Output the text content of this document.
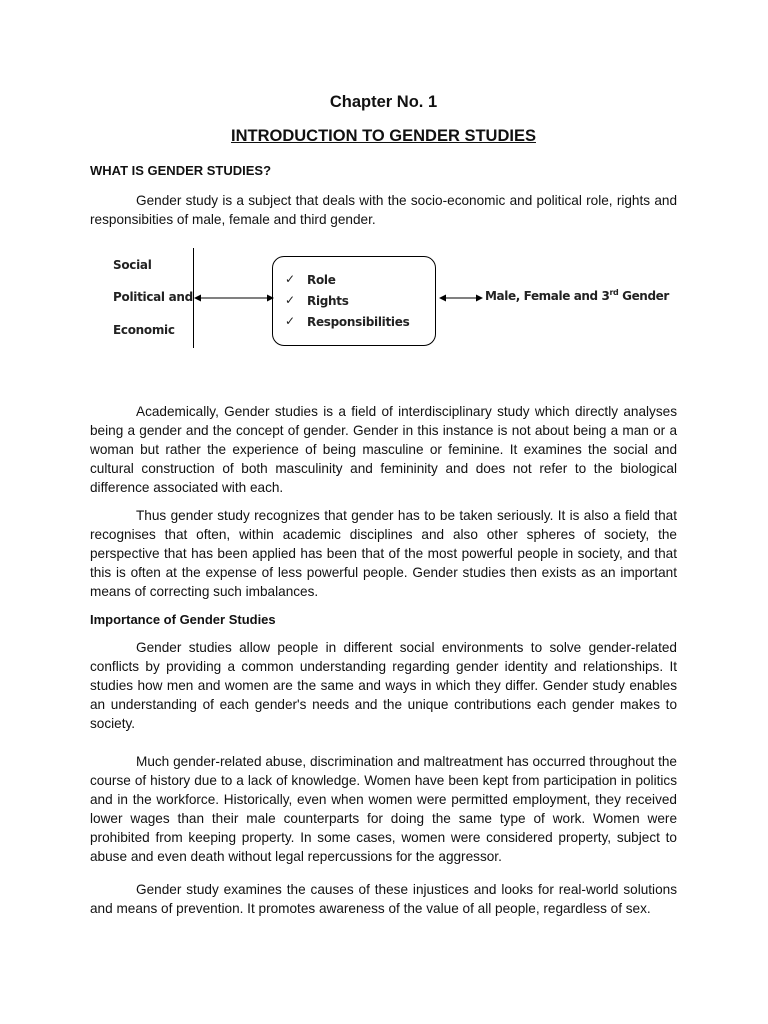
Chapter No. 1
INTRODUCTION TO GENDER STUDIES
WHAT IS GENDER STUDIES?

Gender study is a subject that deals with the socio-economic and political role, rights and responsibities of male, female and third gender.

Social
Political and
Economic
✓ Role
✓ Rights
✓ Responsibilities
Male, Female and 3rd Gender

Academically, Gender studies is a field of interdisciplinary study which directly analyses being a gender and the concept of gender. Gender in this instance is not about being a man or a woman but rather the experience of being masculine or feminine. It examines the social and cultural construction of both masculinity and femininity and does not refer to the biological difference associated with each.

Thus gender study recognizes that gender has to be taken seriously. It is also a field that recognises that often, within academic disciplines and also other spheres of society, the perspective that has been applied has been that of the most powerful people in society, and that this is often at the expense of less powerful people. Gender studies then exists as an important means of correcting such imbalances.

Importance of Gender Studies

Gender studies allow people in different social environments to solve gender-related conflicts by providing a common understanding regarding gender identity and relationships. It studies how men and women are the same and ways in which they differ. Gender study enables an understanding of each gender's needs and the unique contributions each gender makes to society.

Much gender-related abuse, discrimination and maltreatment has occurred throughout the course of history due to a lack of knowledge. Women have been kept from participation in politics and in the workforce. Historically, even when women were permitted employment, they received lower wages than their male counterparts for doing the same type of work. Women were prohibited from keeping property. In some cases, women were considered property, subject to abuse and even death without legal repercussions for the aggressor.

Gender study examines the causes of these injustices and looks for real-world solutions and means of prevention. It promotes awareness of the value of all people, regardless of sex.
